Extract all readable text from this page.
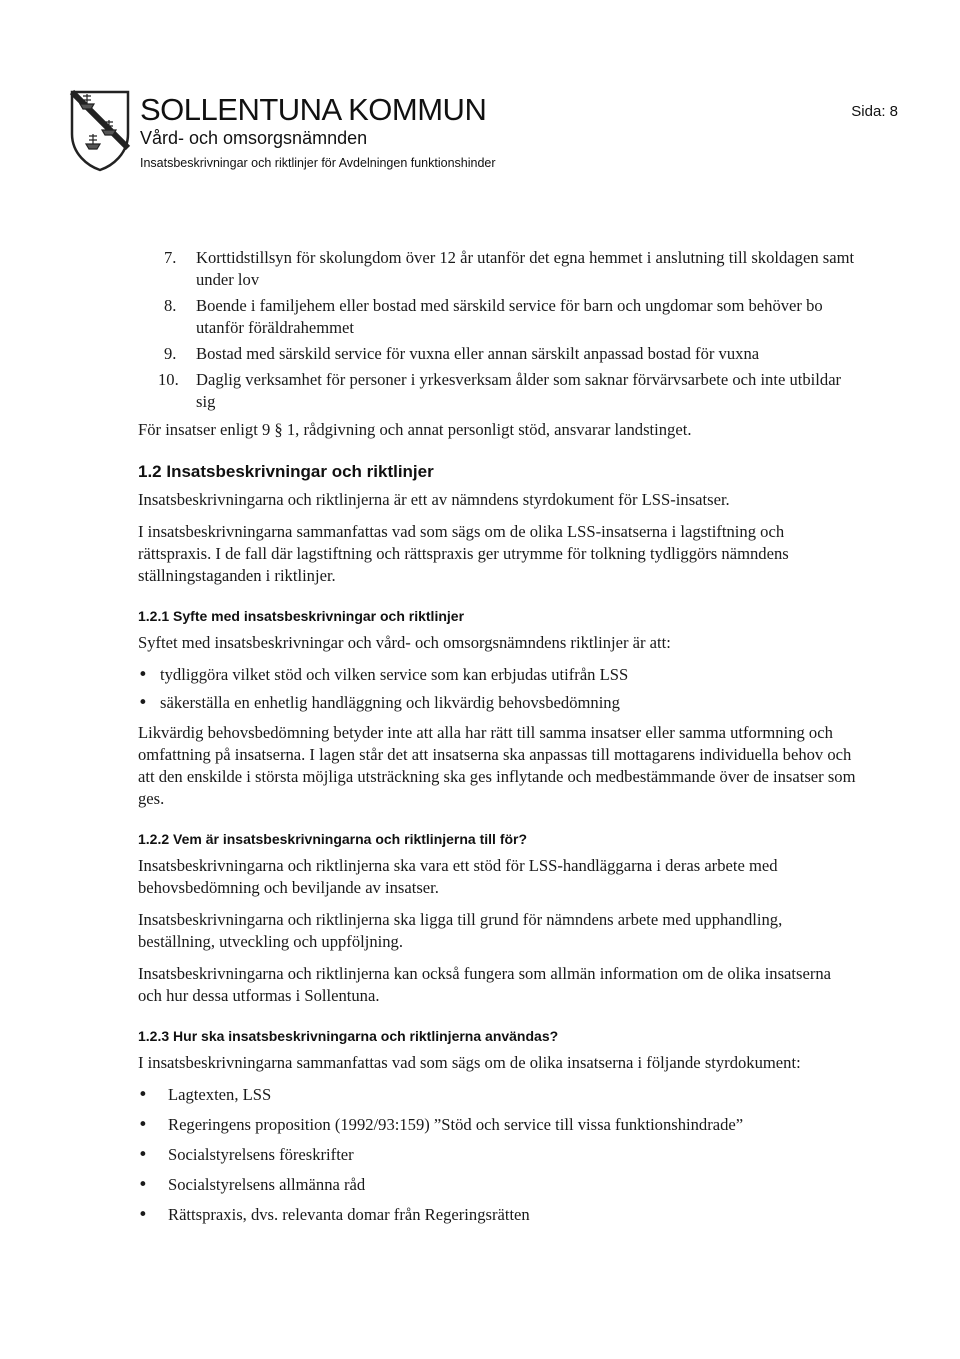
SOLLENTUNA KOMMUN
Vård- och omsorgsnämnden
Insatsbeskrivningar och riktlinjer för Avdelningen funktionshinder
Sida: 8
7.	Korttidstillsyn för skolungdom över 12 år utanför det egna hemmet i anslutning till skoldagen samt under lov
8.	Boende i familjehem eller bostad med särskild service för barn och ungdomar som behöver bo utanför föräldrahemmet
9.	Bostad med särskild service för vuxna eller annan särskilt anpassad bostad för vuxna
10.	Daglig verksamhet för personer i yrkesverksam ålder som saknar förvärvsarbete och inte utbildar sig

För insatser enligt 9 § 1, rådgivning och annat personligt stöd, ansvarar landstinget.

1.2 Insatsbeskrivningar och riktlinjer

Insatsbeskrivningarna och riktlinjerna är ett av nämndens styrdokument för LSS-insatser.

I insatsbeskrivningarna sammanfattas vad som sägs om de olika LSS-insatserna i lagstiftning och rättspraxis. I de fall där lagstiftning och rättspraxis ger utrymme för tolkning tydliggörs nämndens ställningstaganden i riktlinjer.

1.2.1 Syfte med insatsbeskrivningar och riktlinjer

Syftet med insatsbeskrivningar och vård- och omsorgsnämndens riktlinjer är att:

• tydliggöra vilket stöd och vilken service som kan erbjudas utifrån LSS
• säkerställa en enhetlig handläggning och likvärdig behovsbedömning

Likvärdig behovsbedömning betyder inte att alla har rätt till samma insatser eller samma utformning och omfattning på insatserna. I lagen står det att insatserna ska anpassas till mottagarens individuella behov och att den enskilde i största möjliga utsträckning ska ges inflytande och medbestämmande över de insatser som ges.

1.2.2 Vem är insatsbeskrivningarna och riktlinjerna till för?

Insatsbeskrivningarna och riktlinjerna ska vara ett stöd för LSS-handläggarna i deras arbete med behovsbedömning och beviljande av insatser.

Insatsbeskrivningarna och riktlinjerna ska ligga till grund för nämndens arbete med upphandling, beställning, utveckling och uppföljning.

Insatsbeskrivningarna och riktlinjerna kan också fungera som allmän information om de olika insatserna och hur dessa utformas i Sollentuna.

1.2.3 Hur ska insatsbeskrivningarna och riktlinjerna användas?

I insatsbeskrivningarna sammanfattas vad som sägs om de olika insatserna i följande styrdokument:

• Lagtexten, LSS
• Regeringens proposition (1992/93:159) ”Stöd och service till vissa funktionshindrade”
• Socialstyrelsens föreskrifter
• Socialstyrelsens allmänna råd
• Rättspraxis, dvs. relevanta domar från Regeringsrätten
